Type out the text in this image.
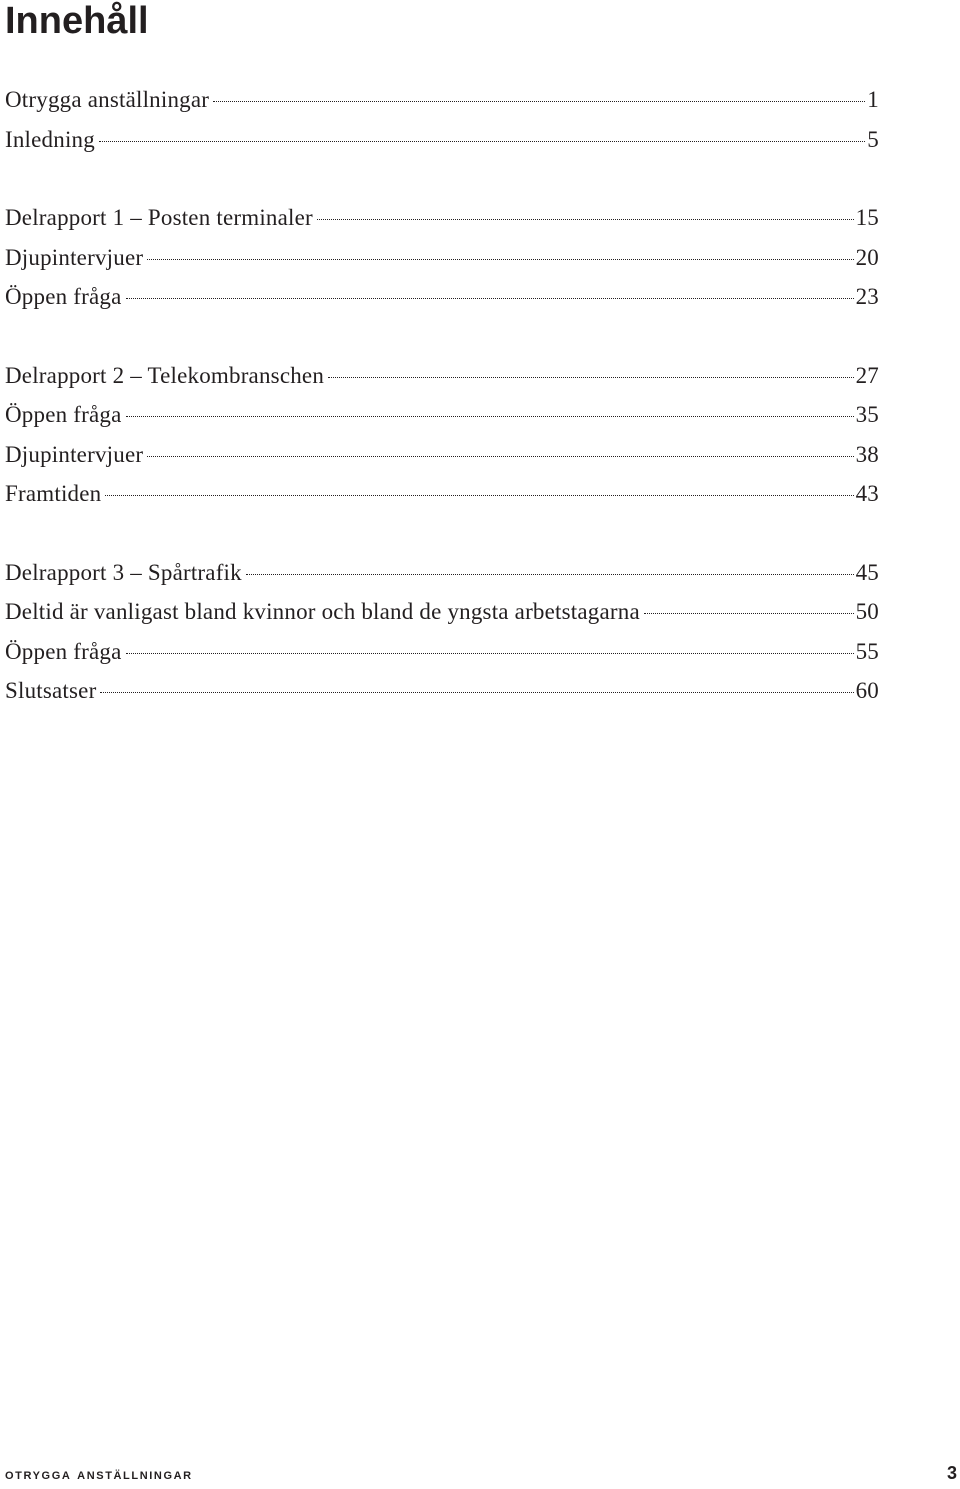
Innehåll
Otrygga anställningar	1
Inledning	5
Delrapport 1 – Posten terminaler	15
Djupintervjuer	20
Öppen fråga	23
Delrapport 2 – Telekombranschen	27
Öppen fråga	35
Djupintervjuer	38
Framtiden	43
Delrapport 3 – Spårtrafik	45
Deltid är vanligast bland kvinnor och bland de yngsta arbetstagarna	50
Öppen fråga	55
Slutsatser	60
otrygga anställningar	3
